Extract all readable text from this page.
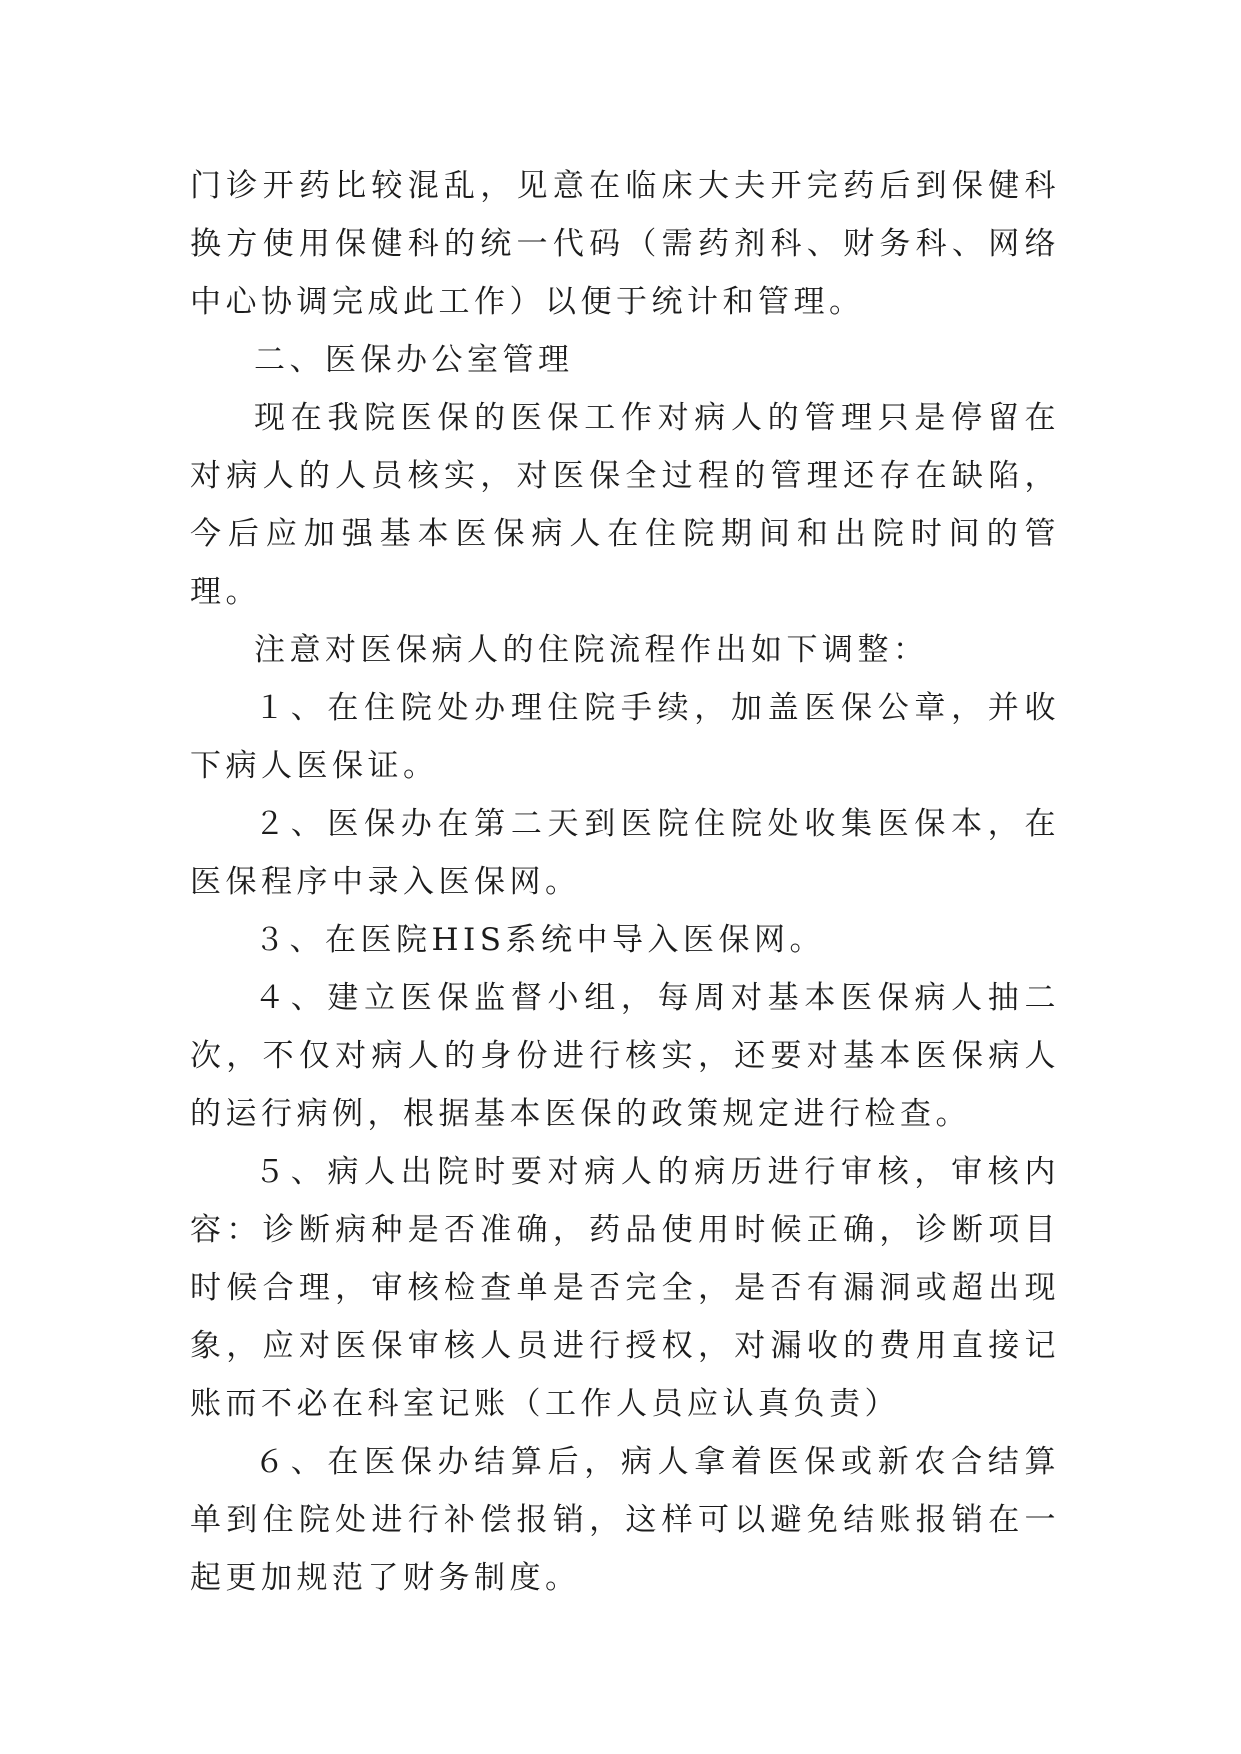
门诊开药比较混乱，见意在临床大夫开完药后到保健科换方使用保健科的统一代码（需药剂科、财务科、网络中心协调完成此工作）以便于统计和管理。

二、医保办公室管理

现在我院医保的医保工作对病人的管理只是停留在对病人的人员核实，对医保全过程的管理还存在缺陷，今后应加强基本医保病人在住院期间和出院时间的管理。

注意对医保病人的住院流程作出如下调整：

１、在住院处办理住院手续，加盖医保公章，并收下病人医保证。

２、医保办在第二天到医院住院处收集医保本，在医保程序中录入医保网。

３、在医院HIS系统中导入医保网。

４、建立医保监督小组，每周对基本医保病人抽二次，不仅对病人的身份进行核实，还要对基本医保病人的运行病例，根据基本医保的政策规定进行检查。

５、病人出院时要对病人的病历进行审核，审核内容：诊断病种是否准确，药品使用时候正确，诊断项目时候合理，审核检查单是否完全，是否有漏洞或超出现象，应对医保审核人员进行授权，对漏收的费用直接记账而不必在科室记账（工作人员应认真负责）

６、在医保办结算后，病人拿着医保或新农合结算单到住院处进行补偿报销，这样可以避免结账报销在一起更加规范了财务制度。
